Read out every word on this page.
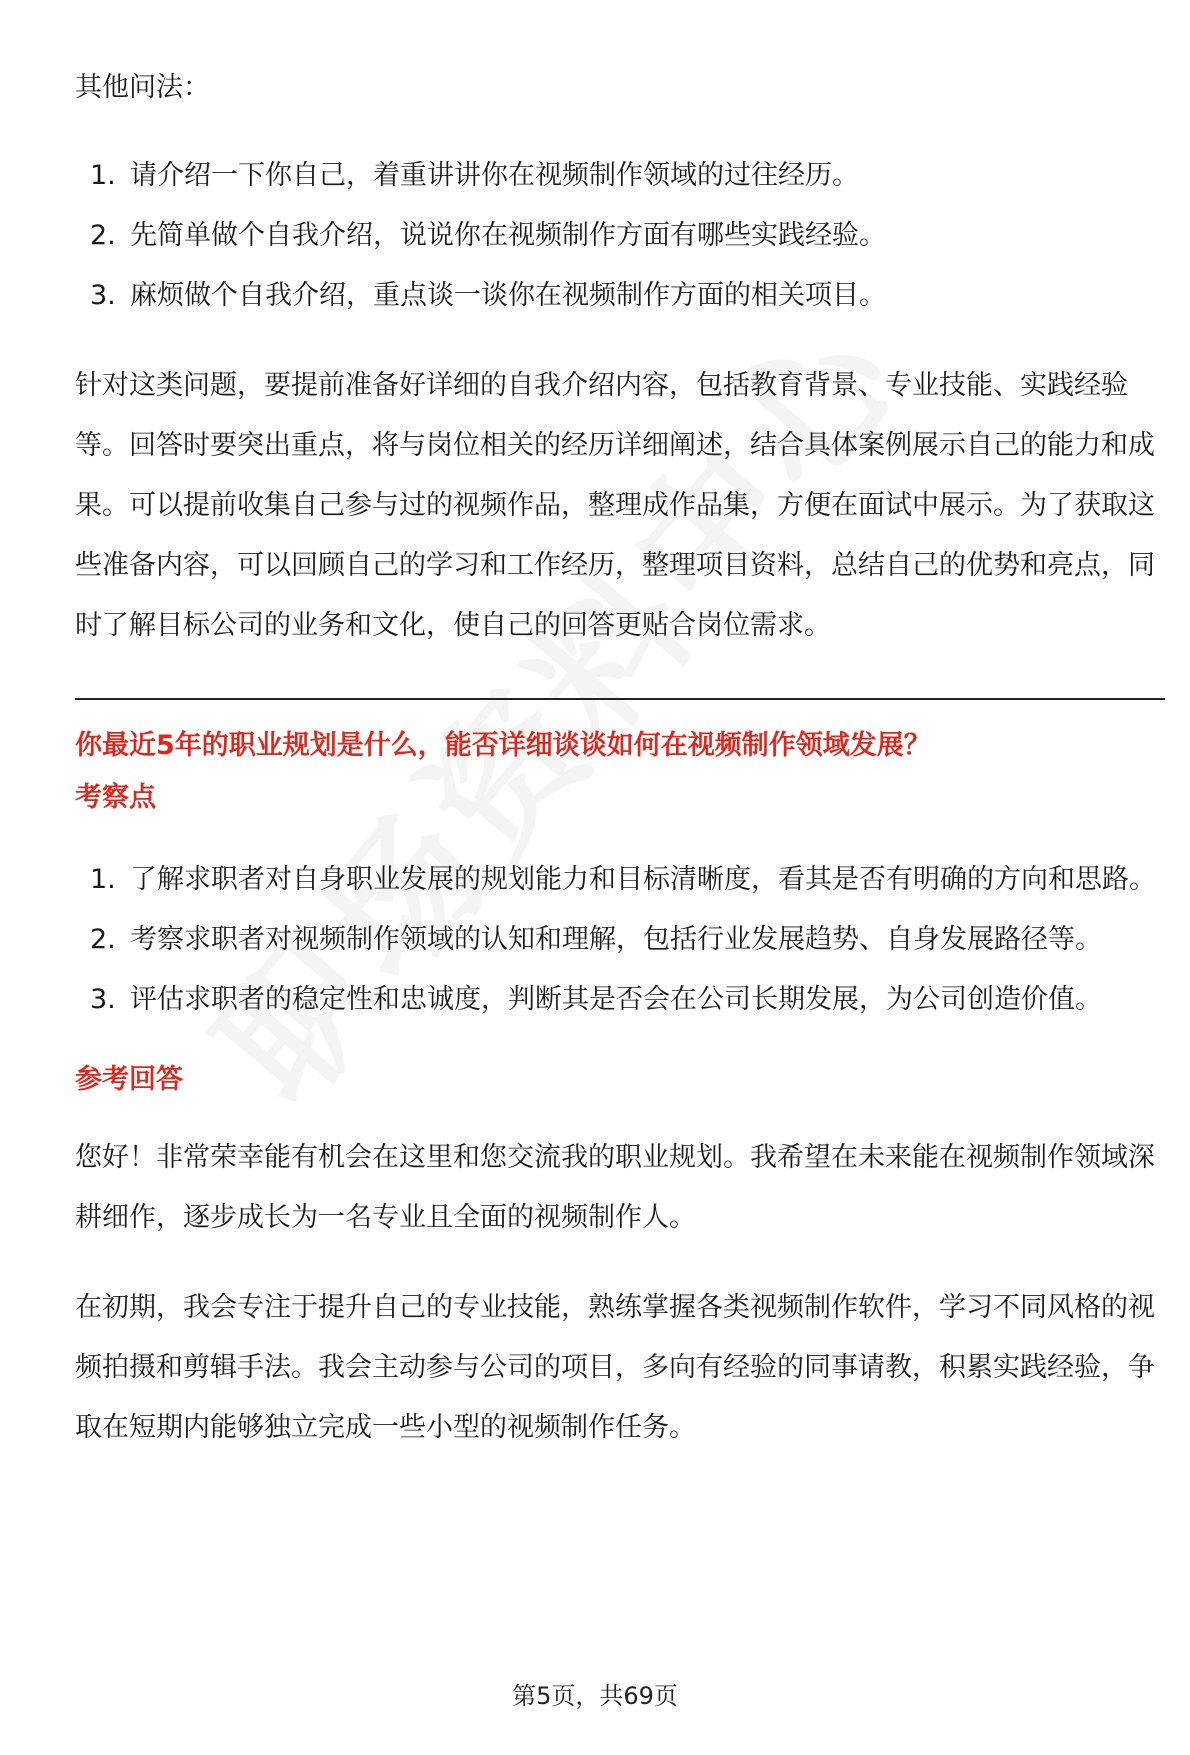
其他问法：

1. 请介绍一下你自己，着重讲讲你在视频制作领域的过往经历。
2. 先简单做个自我介绍，说说你在视频制作方面有哪些实践经验。
3. 麻烦做个自我介绍，重点谈一谈你在视频制作方面的相关项目。

针对这类问题，要提前准备好详细的自我介绍内容，包括教育背景、专业技能、实践经验等。回答时要突出重点，将与岗位相关的经历详细阐述，结合具体案例展示自己的能力和成果。可以提前收集自己参与过的视频作品，整理成作品集，方便在面试中展示。为了获取这些准备内容，可以回顾自己的学习和工作经历，整理项目资料，总结自己的优势和亮点，同时了解目标公司的业务和文化，使自己的回答更贴合岗位需求。

你最近5年的职业规划是什么，能否详细谈谈如何在视频制作领域发展？
考察点
1. 了解求职者对自身职业发展的规划能力和目标清晰度，看其是否有明确的方向和思路。
2. 考察求职者对视频制作领域的认知和理解，包括行业发展趋势、自身发展路径等。
3. 评估求职者的稳定性和忠诚度，判断其是否会在公司长期发展，为公司创造价值。
参考回答

您好！非常荣幸能有机会在这里和您交流我的职业规划。我希望在未来能在视频制作领域深耕细作，逐步成长为一名专业且全面的视频制作人。

在初期，我会专注于提升自己的专业技能，熟练掌握各类视频制作软件，学习不同风格的视频拍摄和剪辑手法。我会主动参与公司的项目，多向有经验的同事请教，积累实践经验，争取在短期内能够独立完成一些小型的视频制作任务。

第5页，共69页
